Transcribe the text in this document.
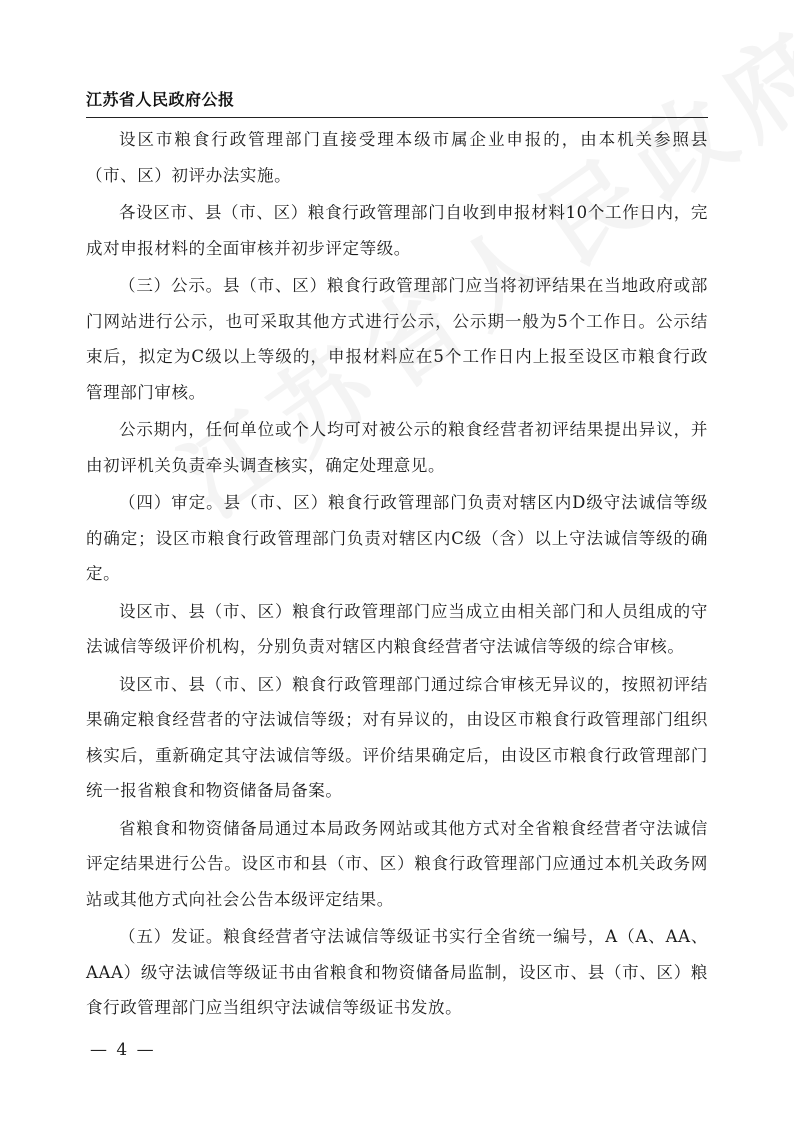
江苏省人民政府公报

设区市粮食行政管理部门直接受理本级市属企业申报的，由本机关参照县（市、区）初评办法实施。

各设区市、县（市、区）粮食行政管理部门自收到申报材料10个工作日内，完成对申报材料的全面审核并初步评定等级。

（三）公示。县（市、区）粮食行政管理部门应当将初评结果在当地政府或部门网站进行公示，也可采取其他方式进行公示，公示期一般为5个工作日。公示结束后，拟定为C级以上等级的，申报材料应在5个工作日内上报至设区市粮食行政管理部门审核。

公示期内，任何单位或个人均可对被公示的粮食经营者初评结果提出异议，并由初评机关负责牵头调查核实，确定处理意见。

（四）审定。县（市、区）粮食行政管理部门负责对辖区内D级守法诚信等级的确定；设区市粮食行政管理部门负责对辖区内C级（含）以上守法诚信等级的确定。

设区市、县（市、区）粮食行政管理部门应当成立由相关部门和人员组成的守法诚信等级评价机构，分别负责对辖区内粮食经营者守法诚信等级的综合审核。

设区市、县（市、区）粮食行政管理部门通过综合审核无异议的，按照初评结果确定粮食经营者的守法诚信等级；对有异议的，由设区市粮食行政管理部门组织核实后，重新确定其守法诚信等级。评价结果确定后，由设区市粮食行政管理部门统一报省粮食和物资储备局备案。

省粮食和物资储备局通过本局政务网站或其他方式对全省粮食经营者守法诚信评定结果进行公告。设区市和县（市、区）粮食行政管理部门应通过本机关政务网站或其他方式向社会公告本级评定结果。

（五）发证。粮食经营者守法诚信等级证书实行全省统一编号，A（A、AA、AAA）级守法诚信等级证书由省粮食和物资储备局监制，设区市、县（市、区）粮食行政管理部门应当组织守法诚信等级证书发放。

— 4 —
